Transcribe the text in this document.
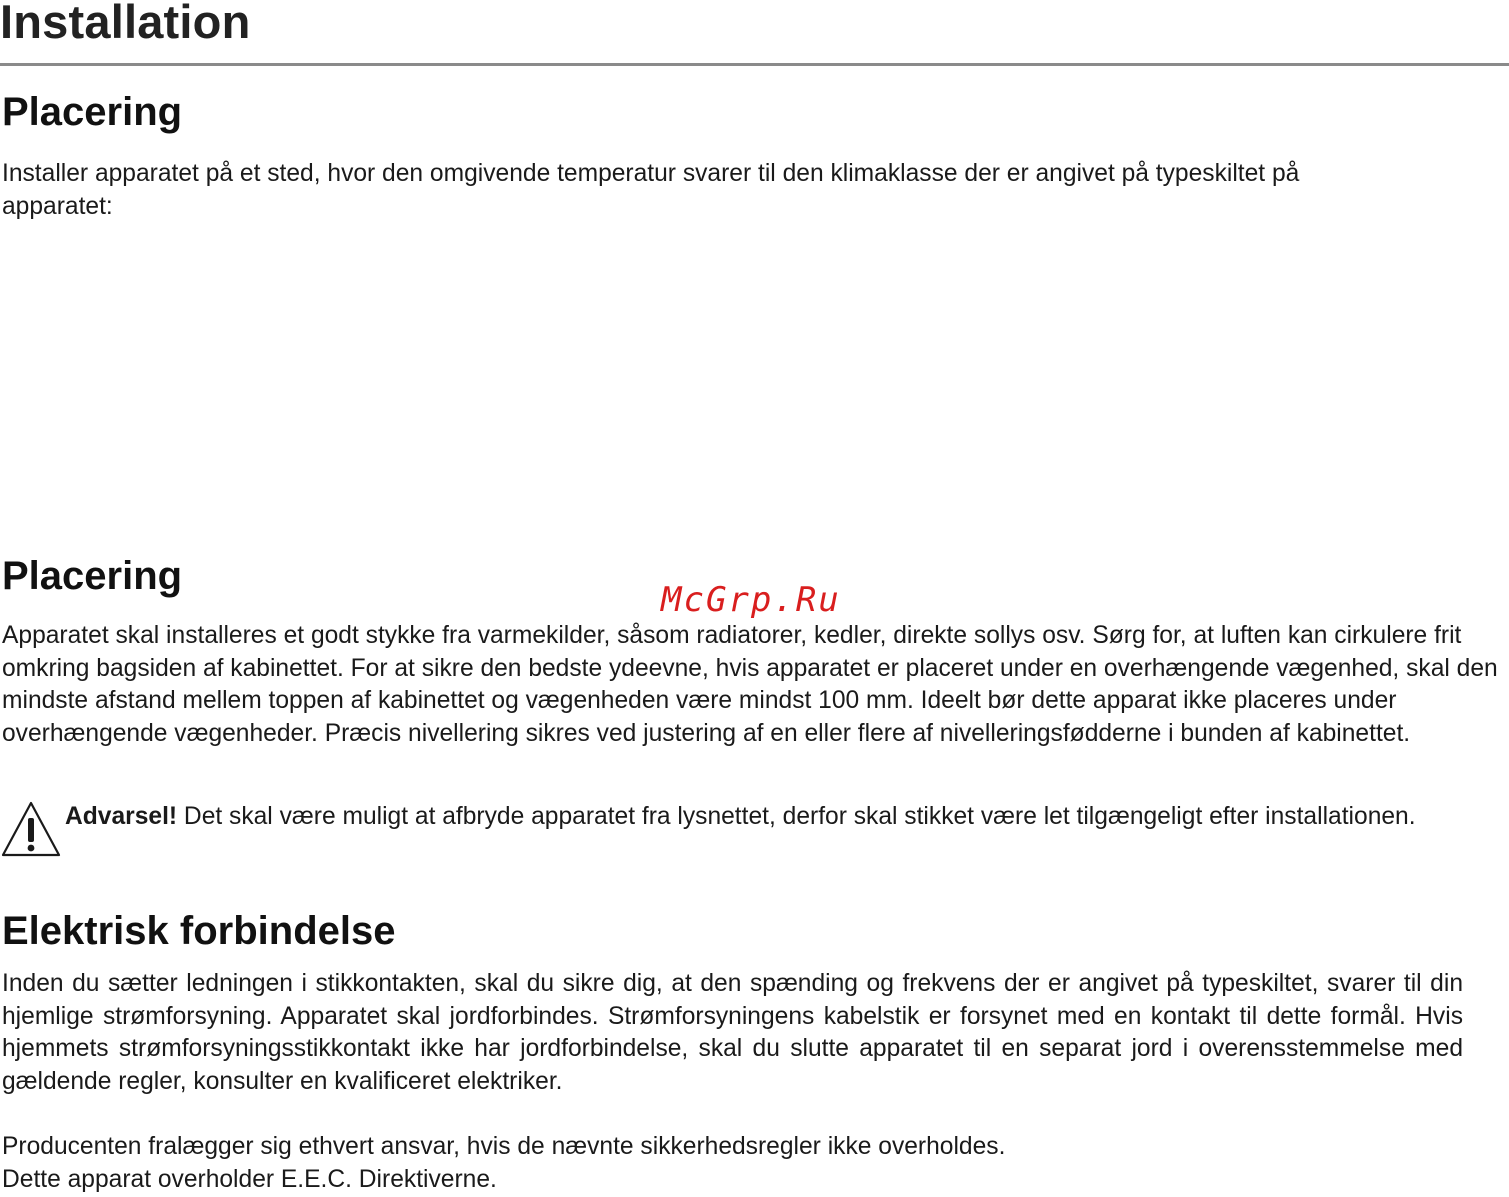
Installation
Placering

Installer apparatet på et sted, hvor den omgivende temperatur svarer til den klimaklasse der er angivet på typeskiltet på apparatet:

Placering
McGrp.Ru

Apparatet skal installeres et godt stykke fra varmekilder, såsom radiatorer, kedler, direkte sollys osv. Sørg for, at luften kan cirkulere frit omkring bagsiden af kabinettet. For at sikre den bedste ydeevne, hvis apparatet er placeret under en overhængende vægenhed, skal den mindste afstand mellem toppen af kabinettet og vægenheden være mindst 100 mm. Ideelt bør dette apparat ikke placeres under overhængende vægenheder. Præcis nivellering sikres ved justering af en eller flere af nivelleringsfødderne i bunden af kabinettet.

Advarsel! Det skal være muligt at afbryde apparatet fra lysnettet, derfor skal stikket være let tilgængeligt efter installationen.

Elektrisk forbindelse

Inden du sætter ledningen i stikkontakten, skal du sikre dig, at den spænding og frekvens der er angivet på typeskiltet, svarer til din hjemlige strømforsyning. Apparatet skal jordforbindes. Strømforsyningens kabelstik er forsynet med en kontakt til dette formål. Hvis hjemmets strømforsyningsstikkontakt ikke har jordforbindelse, skal du slutte apparatet til en separat jord i overensstemmelse med gældende regler, konsulter en kvalificeret elektriker.

Producenten fralægger sig ethvert ansvar, hvis de nævnte sikkerhedsregler ikke overholdes.

Dette apparat overholder E.E.C. Direktiverne.
